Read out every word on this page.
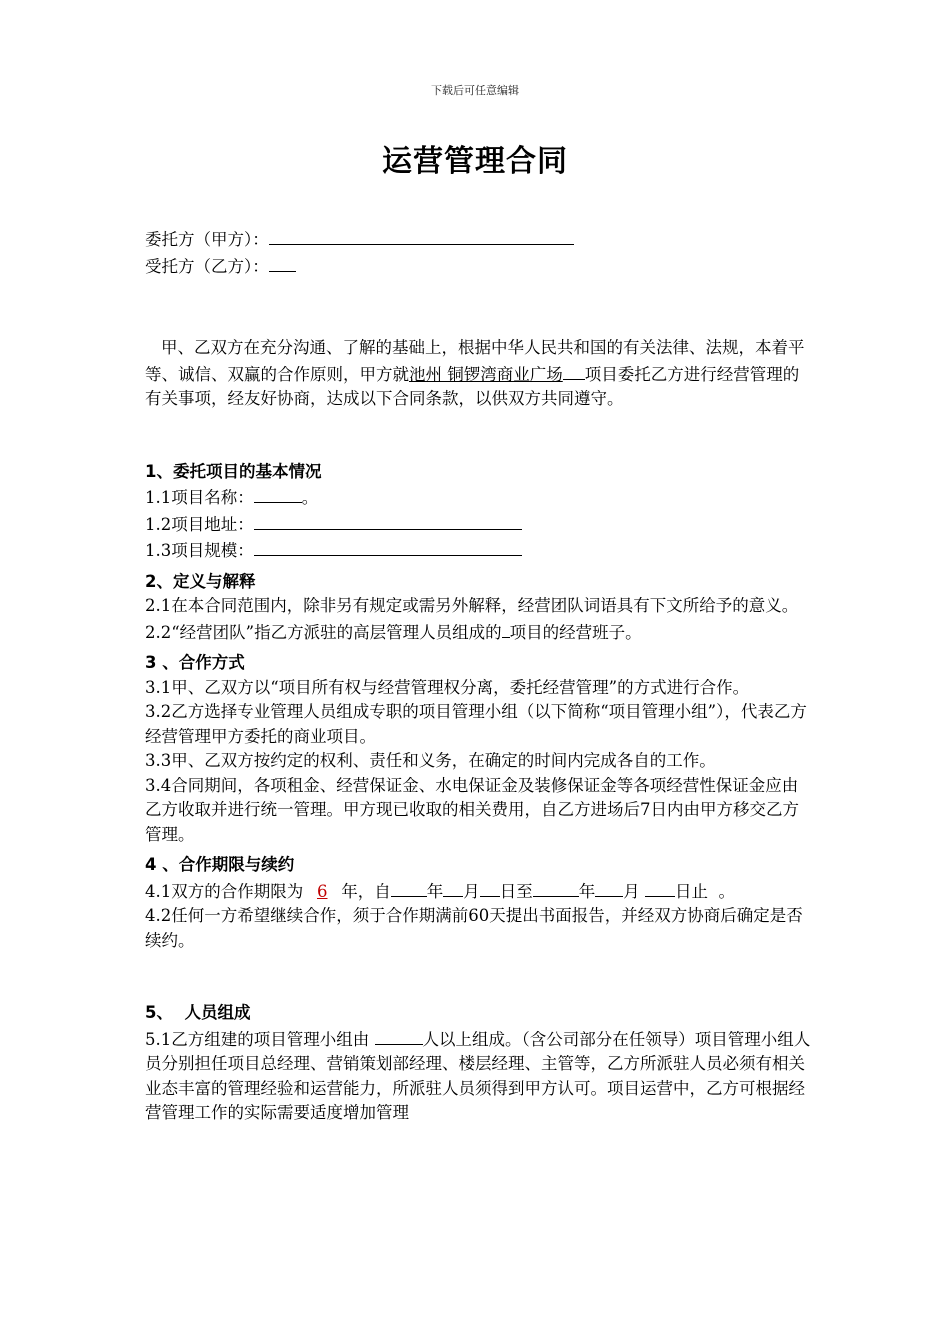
下载后可任意编辑
运营管理合同
委托方（甲方）：
受托方（乙方）：
甲、乙双方在充分沟通、了解的基础上，根据中华人民共和国的有关法律、法规，本着平等、诚信、双赢的合作原则，甲方就池州 铜锣湾商业广场 项目委托乙方进行经营管理的有关事项，经友好协商，达成以下合同条款，以供双方共同遵守。
1、委托项目的基本情况
1.1项目名称：	。
1.2项目地址：
1.3项目规模：
2、定义与解释
2.1在本合同范围内，除非另有规定或需另外解释，经营团队词语具有下文所给予的意义。
2.2“经营团队”指乙方派驻的高层管理人员组成的 项目的经营班子。
3 、合作方式
3.1甲、乙双方以“项目所有权与经营管理权分离，委托经营管理”的方式进行合作。
3.2乙方选择专业管理人员组成专职的项目管理小组（以下简称“项目管理小组”），代表乙方经营管理甲方委托的商业项目。
3.3甲、乙双方按约定的权利、责任和义务，在确定的时间内完成各自的工作。
3.4合同期间，各项租金、经营保证金、水电保证金及装修保证金等各项经营性保证金应由乙方收取并进行统一管理。甲方现已收取的相关费用，自乙方进场后7日内由甲方移交乙方管理。
4 、合作期限与续约
4.1双方的合作期限为 6 年，自 年 月 日至	年 月 日止 。
4.2任何一方希望继续合作，须于合作期满前60天提出书面报告，并经双方协商后确定是否续约。
5、  人员组成
5.1乙方组建的项目管理小组由	人以上组成。（含公司部分在任领导）项目管理小组人员分别担任项目总经理、营销策划部经理、楼层经理、主管等，乙方所派驻人员必须有相关业态丰富的管理经验和运营能力，所派驻人员须得到甲方认可。项目运营中，乙方可根据经营管理工作的实际需要适度增加管理
